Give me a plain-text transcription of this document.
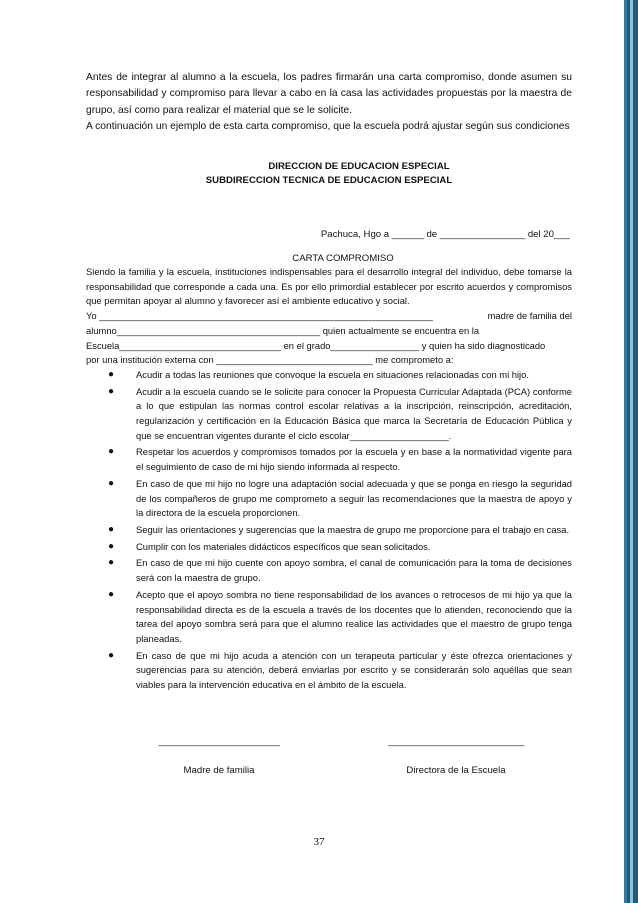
Antes de integrar al alumno a la escuela, los padres firmarán una carta compromiso, donde asumen su responsabilidad y compromiso para llevar a cabo en la casa las actividades propuestas por la maestra de grupo, así como para realizar el material que se le solicite.

A continuación un ejemplo de esta carta compromiso, que la escuela podrá ajustar según sus condiciones

DIRECCION DE EDUCACION ESPECIAL
SUBDIRECCION TECNICA DE EDUCACION ESPECIAL
Pachuca, Hgo a ______ de ________________ del 20___
CARTA COMPROMISO

Siendo la familia y la escuela, instituciones indispensables para el desarrollo integral del individuo, debe tomarse la responsabilidad que corresponde a cada una. Es por ello primordial establecer por escrito acuerdos y compromisos que permitan apoyar al alumno y favorecer así el ambiente educativo y social.

Yo ________________________________________________________________	madre de familia del

alumno_______________________________________ quien actualmente se encuentra en la

Escuela_______________________________ en el grado_________________ y quien ha sido diagnosticado

por una institución externa con ______________________________ me comprometo a:

● Acudir a todas las reuniones que convoque la escuela en situaciones relacionadas con mi hijo.
● Acudir a la escuela cuando se le solicite para conocer la Propuesta Curricular Adaptada (PCA) conforme a lo que estipulan las normas control escolar relativas a la inscripción, reinscripción, acreditación, regularización y certificación en la Educación Básica que marca la Secretaría de Educación Pública y que se encuentran vigentes durante el ciclo escolar___________________.
● Respetar los acuerdos y compromisos tomados por la escuela y en base a la normatividad vigente para el seguimiento de caso de mi hijo siendo informada al respecto.
● En caso de que mi hijo no logre una adaptación social adecuada y que se ponga en riesgo la seguridad de los compañeros de grupo me comprometo a seguir las recomendaciones que la maestra de apoyo y la directora de la escuela proporcionen.
● Seguir las orientaciones y sugerencias que la maestra de grupo me proporcione para el trabajo en casa.
● Cumplir con los materiales didácticos específicos que sean solicitados.
● En caso de que mi hijo cuente con apoyo sombra, el canal de comunicación para la toma de decisiones será con la maestra de grupo.
● Acepto que el apoyo sombra no tiene responsabilidad de los avances o retrocesos de mi hijo ya que la responsabilidad directa es de la escuela a través de los docentes que lo atienden, reconociendo que la tarea del apoyo sombra será para que el alumno realice las actividades que el maestro de grupo tenga planeadas.
● En caso de que mi hijo acuda a atención con un terapeuta particular y éste ofrezca orientaciones y sugerencias para su atención, deberá enviarlas por escrito y se considerarán solo aquéllas que sean viables para la intervención educativa en el ámbito de la escuela.
_________________________
Madre de familia
____________________________
Directora de la Escuela
37
